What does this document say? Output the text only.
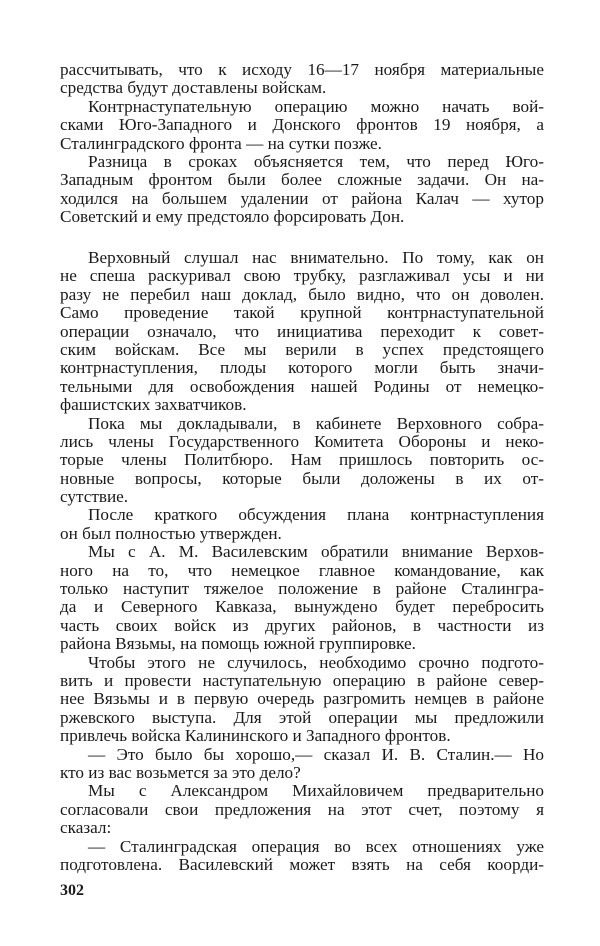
рассчитывать, что к исходу 16—17 ноября материальные
средства будут доставлены войскам.
Контрнаступательную операцию можно начать вой-
сками Юго-Западного и Донского фронтов 19 ноября, а
Сталинградского фронта — на сутки позже.
Разница в сроках объясняется тем, что перед Юго-
Западным фронтом были более сложные задачи. Он на-
ходился на большем удалении от района Калач — хутор
Советский и ему предстояло форсировать Дон.
Верховный слушал нас внимательно. По тому, как он
не спеша раскуривал свою трубку, разглаживал усы и ни
разу не перебил наш доклад, было видно, что он доволен.
Само проведение такой крупной контрнаступательной
операции означало, что инициатива переходит к совет-
ским войскам. Все мы верили в успех предстоящего
контрнаступления, плоды которого могли быть значи-
тельными для освобождения нашей Родины от немецко-
фашистских захватчиков.
Пока мы докладывали, в кабинете Верховного собра-
лись члены Государственного Комитета Обороны и неко-
торые члены Политбюро. Нам пришлось повторить ос-
новные вопросы, которые были доложены в их от-
сутствие.
После краткого обсуждения плана контрнаступления
он был полностью утвержден.
Мы с А. М. Василевским обратили внимание Верхов-
ного на то, что немецкое главное командование, как
только наступит тяжелое положение в районе Сталингра-
да и Северного Кавказа, вынуждено будет перебросить
часть своих войск из других районов, в частности из
района Вязьмы, на помощь южной группировке.
Чтобы этого не случилось, необходимо срочно подгото-
вить и провести наступательную операцию в районе север-
нее Вязьмы и в первую очередь разгромить немцев в районе
ржевского выступа. Для этой операции мы предложили
привлечь войска Калининского и Западного фронтов.
— Это было бы хорошо,— сказал И. В. Сталин.— Но
кто из вас возьмется за это дело?
Мы с Александром Михайловичем предварительно
согласовали свои предложения на этот счет, поэтому я
сказал:
— Сталинградская операция во всех отношениях уже
подготовлена. Василевский может взять на себя коорди-
302
